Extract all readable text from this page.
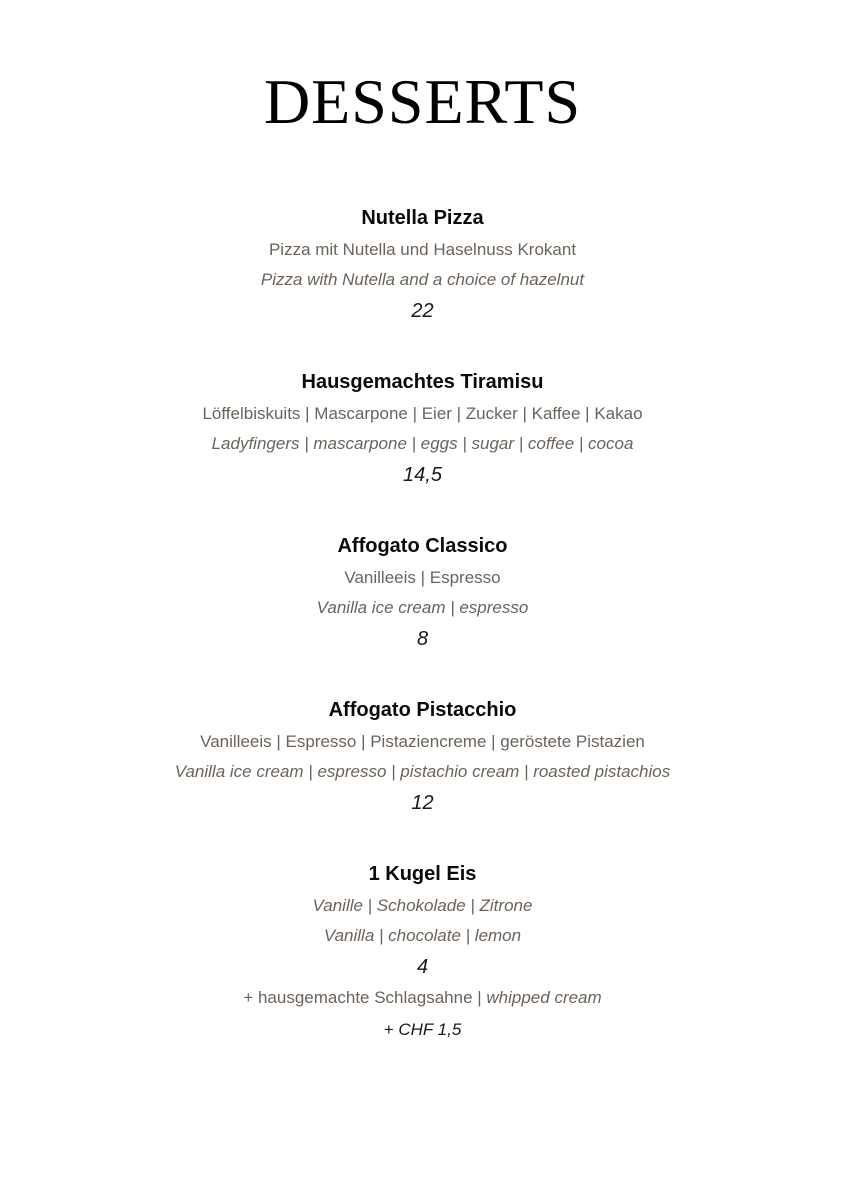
DESSERTS
Nutella Pizza
Pizza mit Nutella und Haselnuss Krokant
Pizza with Nutella and a choice of hazelnut
22
Hausgemachtes Tiramisu
Löffelbiskuits | Mascarpone | Eier | Zucker | Kaffee | Kakao
Ladyfingers | mascarpone | eggs | sugar | coffee | cocoa
14,5
Affogato Classico
Vanilleeis | Espresso
Vanilla ice cream | espresso
8
Affogato Pistacchio
Vanilleeis | Espresso | Pistaziencreme | geröstete Pistazien
Vanilla ice cream | espresso | pistachio cream | roasted pistachios
12
1 Kugel Eis
Vanille | Schokolade | Zitrone
Vanilla | chocolate | lemon
4
+ hausgemachte Schlagsahne | whipped cream
+ CHF 1,5
